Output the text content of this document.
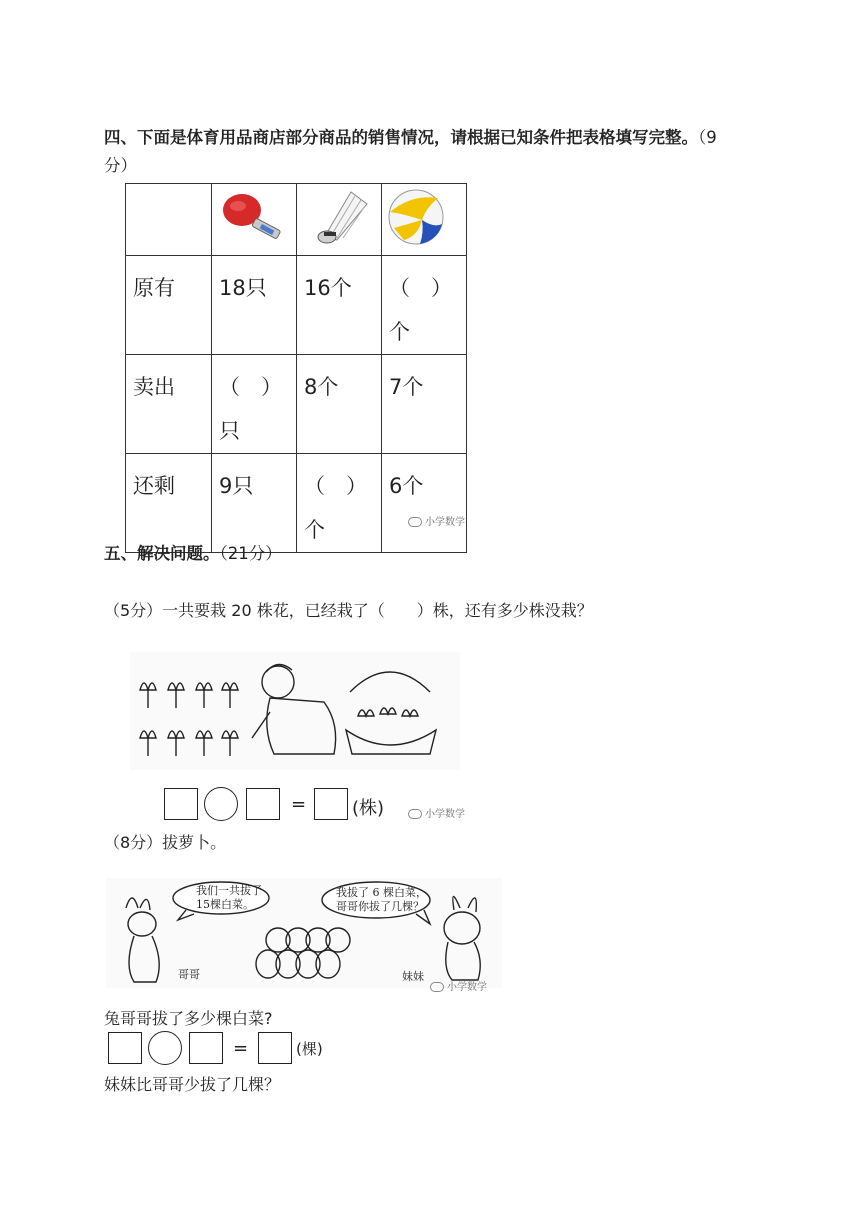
四、下面是体育用品商店部分商品的销售情况，请根据已知条件把表格填写完整。（9
分）

原有	18只	16个	（　）
个

卖出	（　）
只	8个	7个

还剩	9只	（　）
个	6个
小学数学
五、解决问题。（21分）
（5分）一共要栽 20 株花，已经栽了（　　）株，还有多少株没栽？
=	(株)	小学数学
（8分）拔萝卜。
我们一共拔了
15棵白菜。
我拔了 6 棵白菜，
哥哥你拔了几棵？
哥哥	妹妹
小学数学
兔哥哥拔了多少棵白菜?
=	(棵)
妹妹比哥哥少拔了几棵？
